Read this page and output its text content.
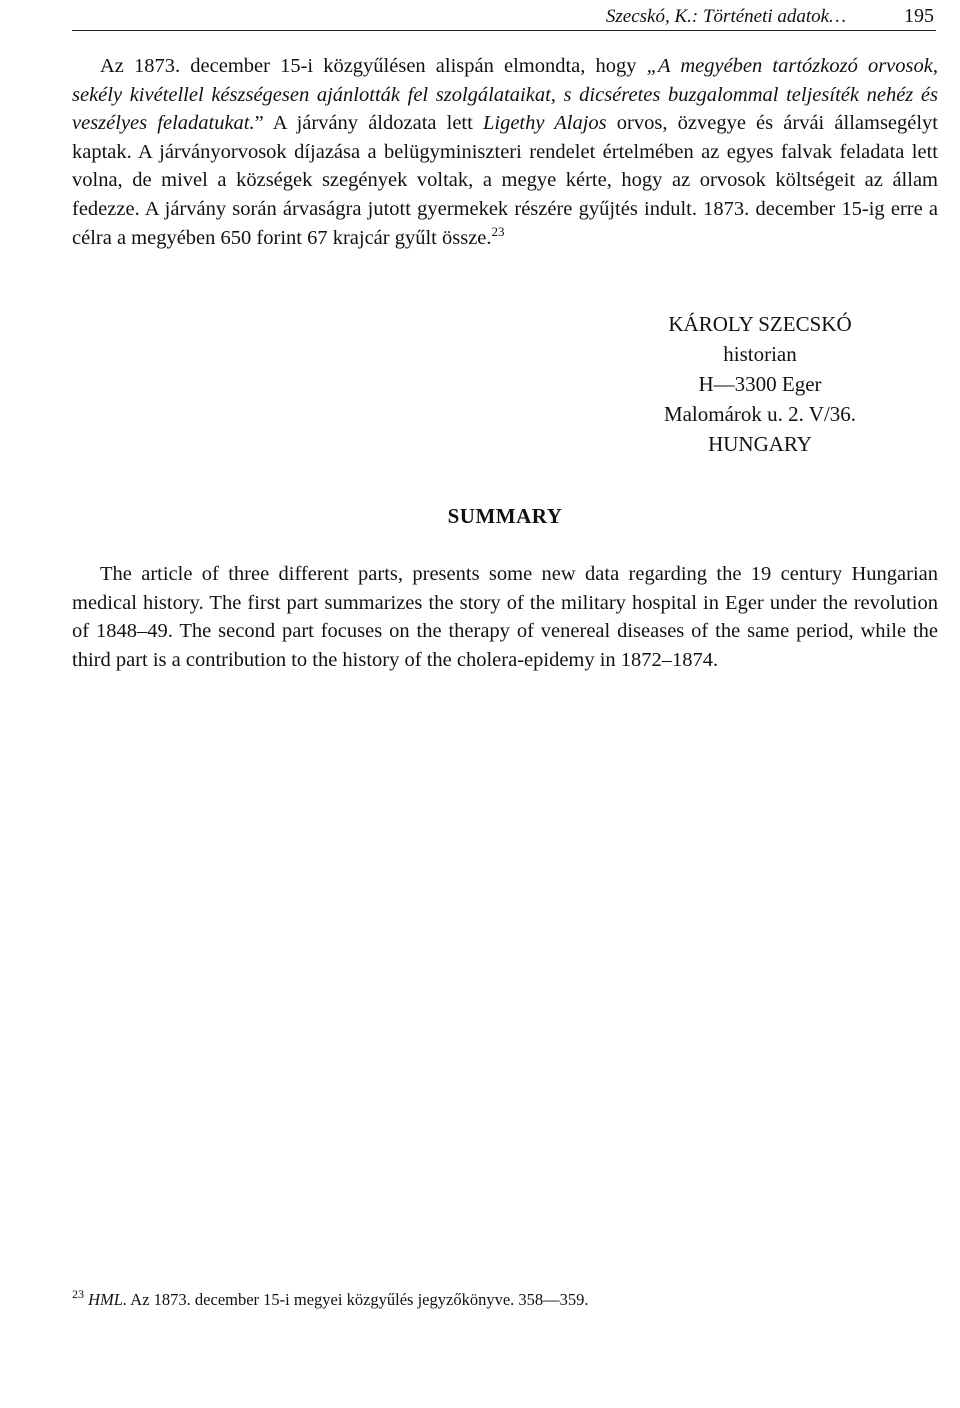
Szecskó, K.: Történeti adatok…	195

Az 1873. december 15-i közgyűlésen alispán elmondta, hogy „A megyében tartózkozó orvosok, sekély kivétellel készségesen ajánlották fel szolgálataikat, s dicséretes buzgalommal teljesíték nehéz és veszélyes feladatukat.” A járvány áldozata lett Ligethy Alajos orvos, özvegye és árvái államsegélyt kaptak. A járványorvosok díjazása a belügyminiszteri rendelet értelmében az egyes falvak feladata lett volna, de mivel a községek szegények voltak, a megye kérte, hogy az orvosok költségeit az állam fedezze. A járvány során árvaságra jutott gyermekek részére gyűjtés indult. 1873. december 15-ig erre a célra a megyében 650 forint 67 krajcár gyűlt össze.$^{23}$

KÁROLY SZECSKÓ
historian
H—3300 Eger
Malomárok u. 2. V/36.
HUNGARY
SUMMARY

The article of three different parts, presents some new data regarding the 19 century Hungarian medical history. The first part summarizes the story of the military hospital in Eger under the revolution of 1848–49. The second part focuses on the therapy of venereal diseases of the same period, while the third part is a contribution to the history of the cholera-epidemy in 1872–1874.

$^{23}$ HML. Az 1873. december 15-i megyei közgyűlés jegyzőkönyve. 358—359.
